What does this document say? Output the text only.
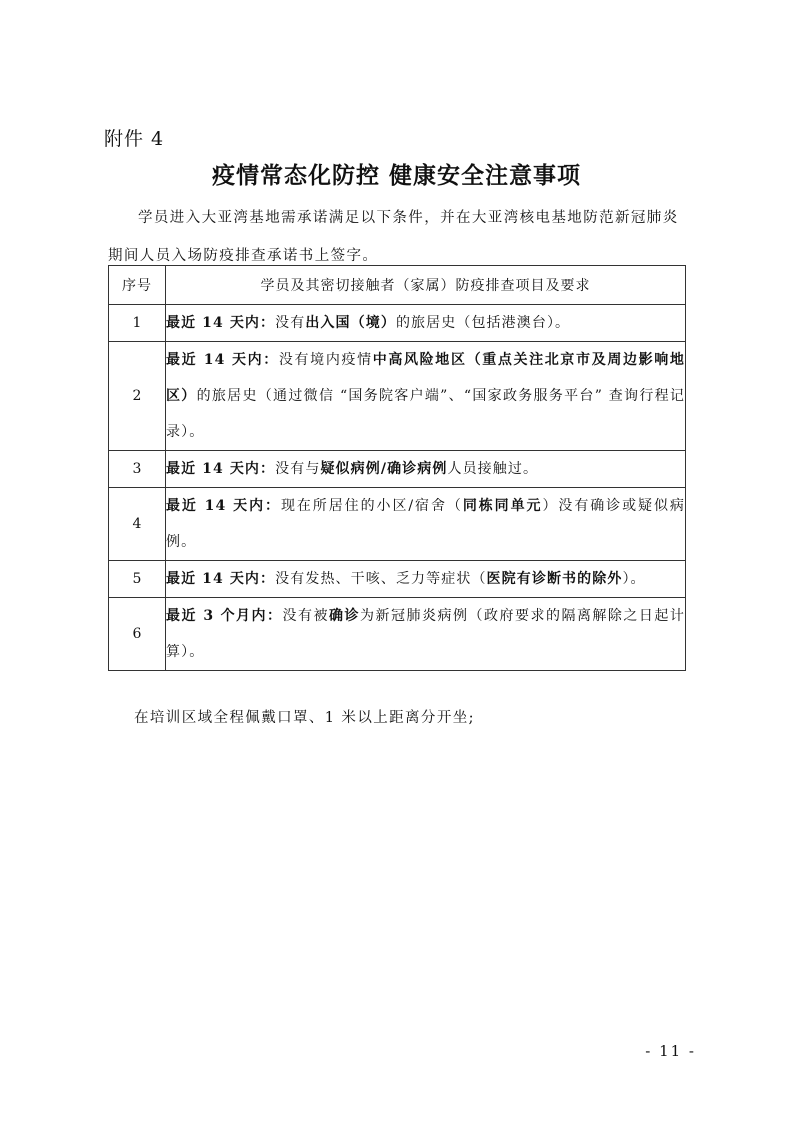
附件 4
疫情常态化防控 健康安全注意事项
学员进入大亚湾基地需承诺满足以下条件，并在大亚湾核电基地防范新冠肺炎期间人员入场防疫排查承诺书上签字。
序号	学员及其密切接触者（家属）防疫排查项目及要求
1	最近 14 天内：没有出入国（境）的旅居史（包括港澳台）。
2	最近 14 天内：没有境内疫情中高风险地区（重点关注北京市及周边影响地区）的旅居史（通过微信 “国务院客户端”、“国家政务服务平台” 查询行程记录）。
3	最近 14 天内：没有与疑似病例/确诊病例人员接触过。
4	最近 14 天内：现在所居住的小区/宿舍（同栋同单元）没有确诊或疑似病例。
5	最近 14 天内：没有发热、干咳、乏力等症状（医院有诊断书的除外）。
6	最近 3 个月内：没有被确诊为新冠肺炎病例（政府要求的隔离解除之日起计算）。
在培训区域全程佩戴口罩、1 米以上距离分开坐;
- 11 -
